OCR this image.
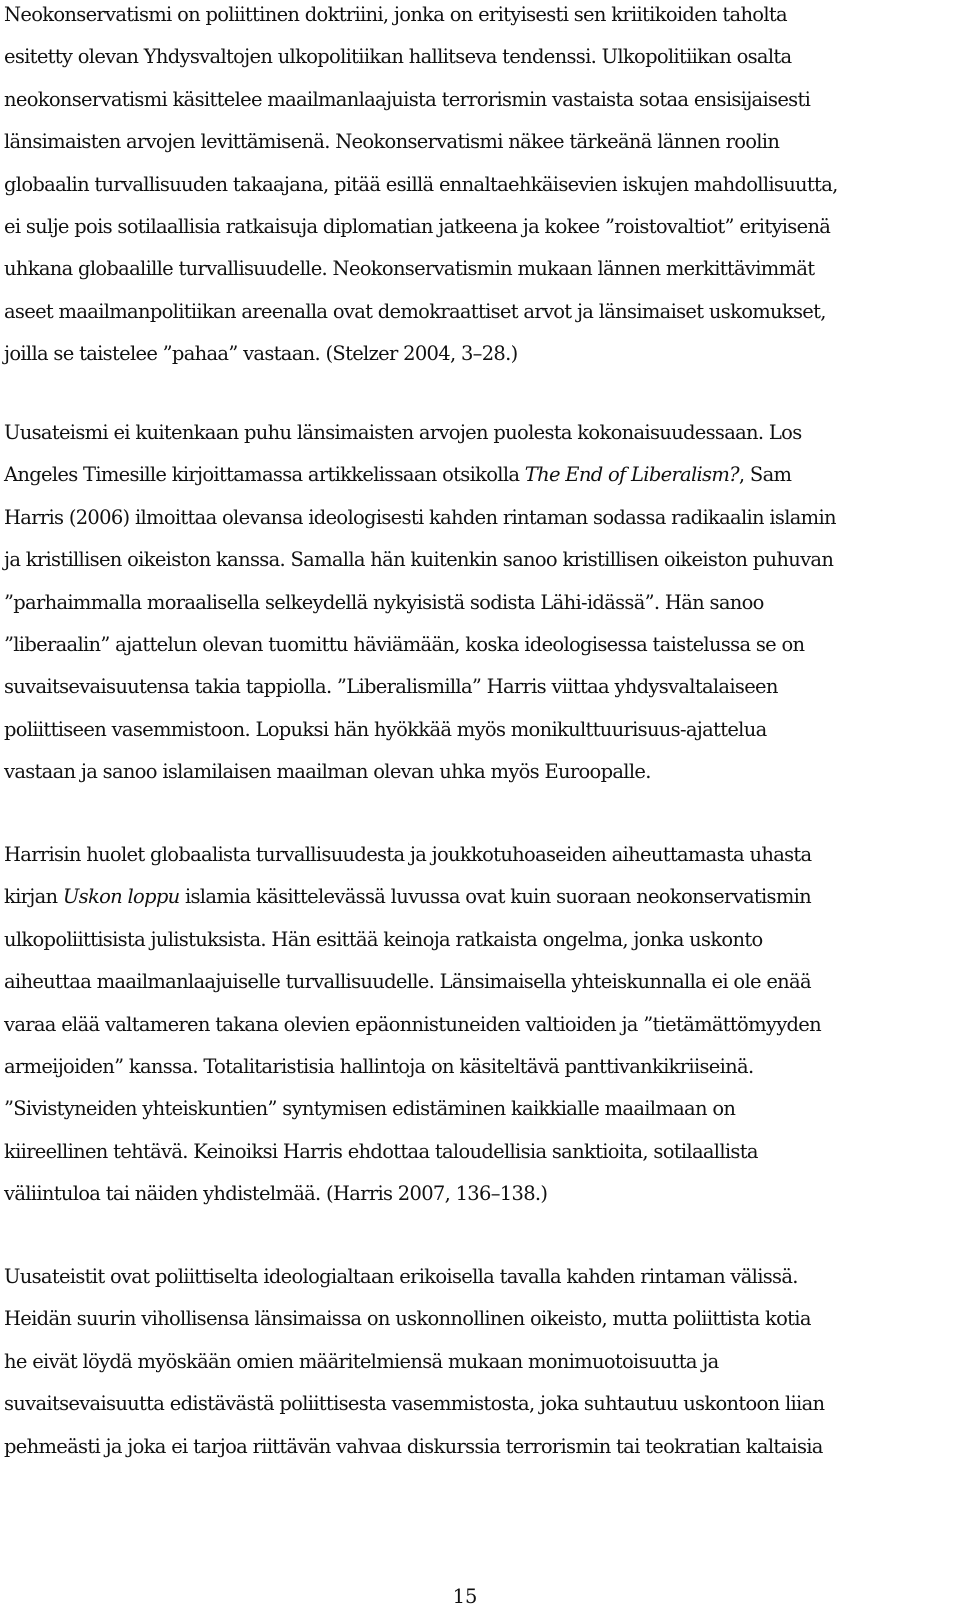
Neokonservatismi on poliittinen doktriini, jonka on erityisesti sen kriitikoiden taholta
esitetty olevan Yhdysvaltojen ulkopolitiikan hallitseva tendenssi. Ulkopolitiikan osalta
neokonservatismi käsittelee maailmanlaajuista terrorismin vastaista sotaa ensisijaisesti
länsimaisten arvojen levittämisenä. Neokonservatismi näkee tärkeänä lännen roolin
globaalin turvallisuuden takaajana, pitää esillä ennaltaehkäisevien iskujen mahdollisuutta,
ei sulje pois sotilaallisia ratkaisuja diplomatian jatkeena ja kokee ”roistovaltiot” erityisenä
uhkana globaalille turvallisuudelle. Neokonservatismin mukaan lännen merkittävimmät
aseet maailmanpolitiikan areenalla ovat demokraattiset arvot ja länsimaiset uskomukset,
joilla se taistelee ”pahaa” vastaan. (Stelzer 2004, 3–28.)

Uusateismi ei kuitenkaan puhu länsimaisten arvojen puolesta kokonaisuudessaan. Los
Angeles Timesille kirjoittamassa artikkelissaan otsikolla The End of Liberalism?, Sam
Harris (2006) ilmoittaa olevansa ideologisesti kahden rintaman sodassa radikaalin islamin
ja kristillisen oikeiston kanssa. Samalla hän kuitenkin sanoo kristillisen oikeiston puhuvan
”parhaimmalla moraalisella selkeydellä nykyisistä sodista Lähi-idässä”. Hän sanoo
”liberaalin” ajattelun olevan tuomittu häviämään, koska ideologisessa taistelussa se on
suvaitsevaisuutensa takia tappiolla. ”Liberalismilla” Harris viittaa yhdysvaltalaiseen
poliittiseen vasemmistoon. Lopuksi hän hyökkää myös monikulttuurisuus-ajattelua
vastaan ja sanoo islamilaisen maailman olevan uhka myös Euroopalle.

Harrisin huolet globaalista turvallisuudesta ja joukkotuhoaseiden aiheuttamasta uhasta
kirjan Uskon loppu islamia käsittelevässä luvussa ovat kuin suoraan neokonservatismin
ulkopoliittisista julistuksista. Hän esittää keinoja ratkaista ongelma, jonka uskonto
aiheuttaa maailmanlaajuiselle turvallisuudelle. Länsimaisella yhteiskunnalla ei ole enää
varaa elää valtameren takana olevien epäonnistuneiden valtioiden ja ”tietämättömyyden
armeijoiden” kanssa. Totalitaristisia hallintoja on käsiteltävä panttivankikriiseinä.
”Sivistyneiden yhteiskuntien” syntymisen edistäminen kaikkialle maailmaan on
kiireellinen tehtävä. Keinoiksi Harris ehdottaa taloudellisia sanktioita, sotilaallista
väliintuloa tai näiden yhdistelmää. (Harris 2007, 136–138.)

Uusateistit ovat poliittiselta ideologialtaan erikoisella tavalla kahden rintaman välissä.
Heidän suurin vihollisensa länsimaissa on uskonnollinen oikeisto, mutta poliittista kotia
he eivät löydä myöskään omien määritelmiensä mukaan monimuotoisuutta ja
suvaitsevaisuutta edistävästä poliittisesta vasemmistosta, joka suhtautuu uskontoon liian
pehmeästi ja joka ei tarjoa riittävän vahvaa diskurssia terrorismin tai teokratian kaltaisia

15
